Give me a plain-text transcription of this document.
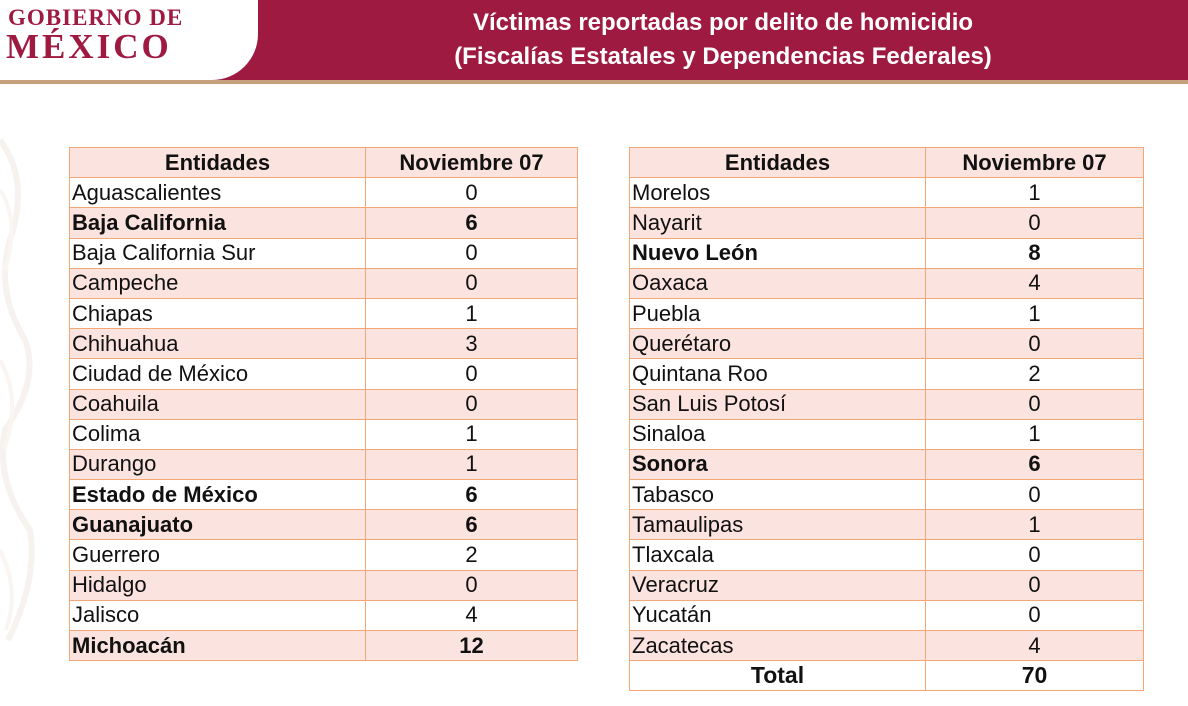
GOBIERNO DE
MÉXICO
Víctimas reportadas por delito de homicidio
(Fiscalías Estatales y Dependencias Federales)
Entidades	Noviembre 07
Aguascalientes	0
Baja California	6
Baja California Sur	0
Campeche	0
Chiapas	1
Chihuahua	3
Ciudad de México	0
Coahuila	0
Colima	1
Durango	1
Estado de México	6
Guanajuato	6
Guerrero	2
Hidalgo	0
Jalisco	4
Michoacán	12
Entidades	Noviembre 07
Morelos	1
Nayarit	0
Nuevo León	8
Oaxaca	4
Puebla	1
Querétaro	0
Quintana Roo	2
San Luis Potosí	0
Sinaloa	1
Sonora	6
Tabasco	0
Tamaulipas	1
Tlaxcala	0
Veracruz	0
Yucatán	0
Zacatecas	4
Total	70
